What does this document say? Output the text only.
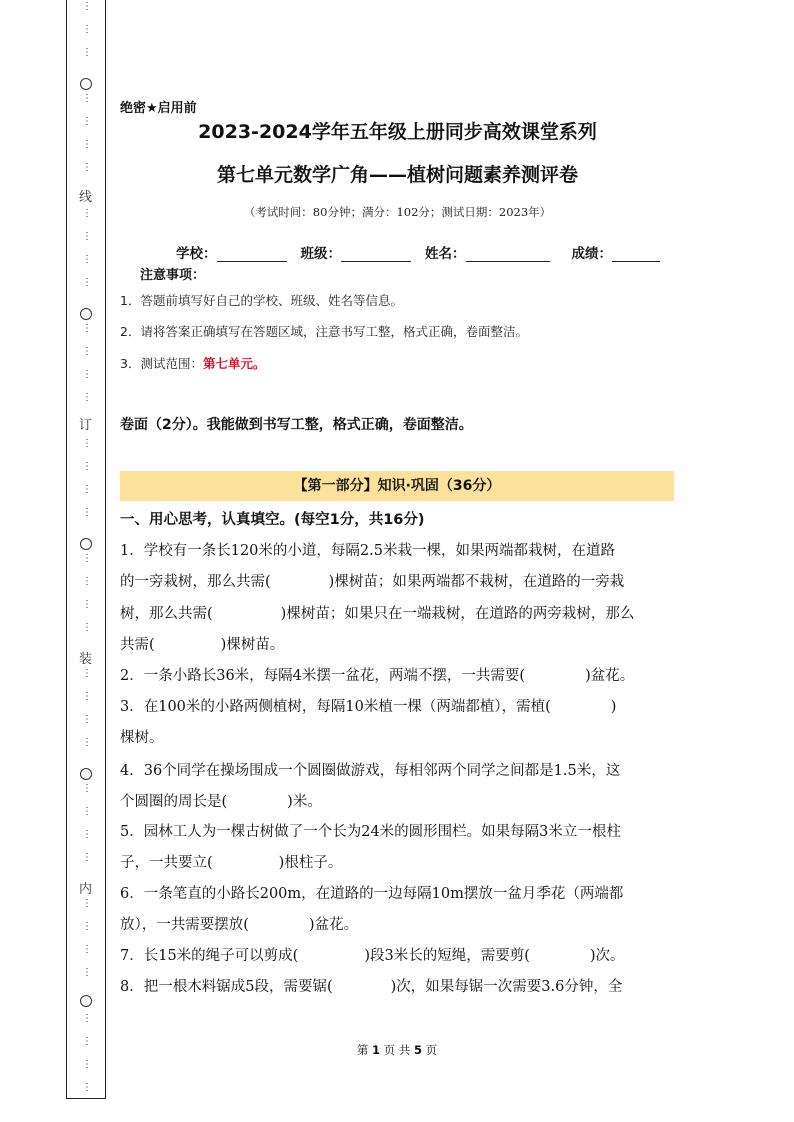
⋮
⋮
⋮
⋮
⋮
⋮
⋮
⋮
⋮
⋮
⋮
⋮
⋮
⋮
⋮
⋮
⋮
⋮
⋮
⋮
⋮
⋮
⋮
⋮
⋮
⋮
⋮
⋮
⋮
⋮
⋮
⋮
⋮
⋮
⋮
⋮
⋮
⋮
⋮
线
订
装
内
绝密★启用前
2023-2024学年五年级上册同步高效课堂系列
第七单元数学广角——植树问题素养测评卷
（考试时间：80分钟；满分：102分；测试日期：2023年）
学校：	班级：	姓名：	成绩：
注意事项：
1．答题前填写好自己的学校、班级、姓名等信息。
2．请将答案正确填写在答题区域，注意书写工整，格式正确，卷面整洁。
3．测试范围：第七单元。
卷面（2分）。我能做到书写工整，格式正确，卷面整洁。
【第一部分】知识·巩固（36分）
一、用心思考，认真填空。(每空1分，共16分)
1．学校有一条长120米的小道，每隔2.5米栽一棵，如果两端都栽树，在道路
的一旁栽树，那么共需(	)棵树苗；如果两端都不栽树，在道路的一旁栽
树，那么共需(	)棵树苗；如果只在一端栽树，在道路的两旁栽树，那么
共需(	)棵树苗。
2．一条小路长36米，每隔4米摆一盆花，两端不摆，一共需要(	)盆花。
3．在100米的小路两侧植树，每隔10米植一棵（两端都植），需植(	)
棵树。
4．36个同学在操场围成一个圆圈做游戏，每相邻两个同学之间都是1.5米，这
个圆圈的周长是(	)米。
5．园林工人为一棵古树做了一个长为24米的圆形围栏。如果每隔3米立一根柱
子，一共要立(	)根柱子。
6．一条笔直的小路长200m，在道路的一边每隔10m摆放一盆月季花（两端都
放），一共需要摆放(	)盆花。
7．长15米的绳子可以剪成(	)段3米长的短绳，需要剪(	)次。
8．把一根木料锯成5段，需要锯(	)次，如果每锯一次需要3.6分钟，全
第 1 页 共 5 页
